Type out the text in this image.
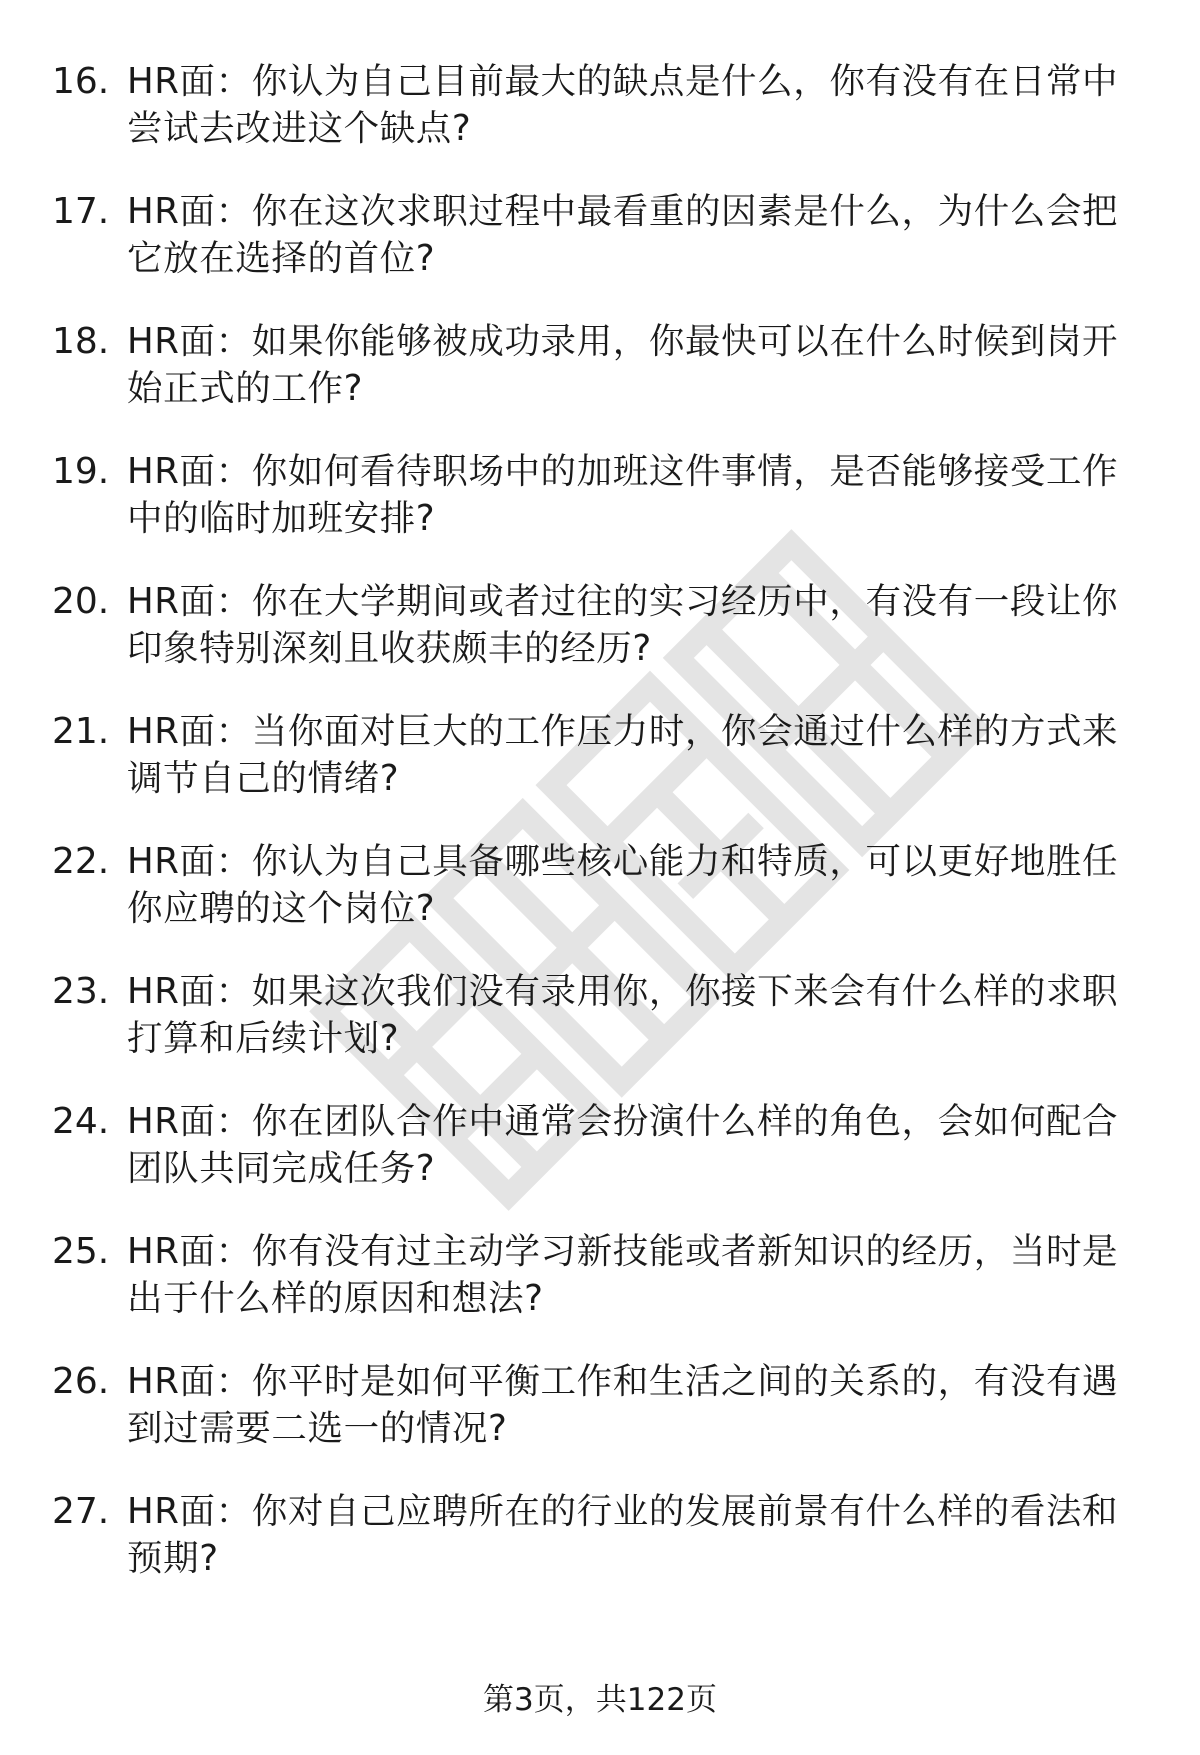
16. HR面：你认为自己目前最大的缺点是什么，你有没有在日常中尝试去改进这个缺点?
17. HR面：你在这次求职过程中最看重的因素是什么，为什么会把它放在选择的首位?
18. HR面：如果你能够被成功录用，你最快可以在什么时候到岗开始正式的工作?
19. HR面：你如何看待职场中的加班这件事情，是否能够接受工作中的临时加班安排?
20. HR面：你在大学期间或者过往的实习经历中，有没有一段让你印象特别深刻且收获颇丰的经历?
21. HR面：当你面对巨大的工作压力时，你会通过什么样的方式来调节自己的情绪?
22. HR面：你认为自己具备哪些核心能力和特质，可以更好地胜任你应聘的这个岗位?
23. HR面：如果这次我们没有录用你，你接下来会有什么样的求职打算和后续计划?
24. HR面：你在团队合作中通常会扮演什么样的角色，会如何配合团队共同完成任务?
25. HR面：你有没有过主动学习新技能或者新知识的经历，当时是出于什么样的原因和想法?
26. HR面：你平时是如何平衡工作和生活之间的关系的，有没有遇到过需要二选一的情况?
27. HR面：你对自己应聘所在的行业的发展前景有什么样的看法和预期?
第3页，共122页
